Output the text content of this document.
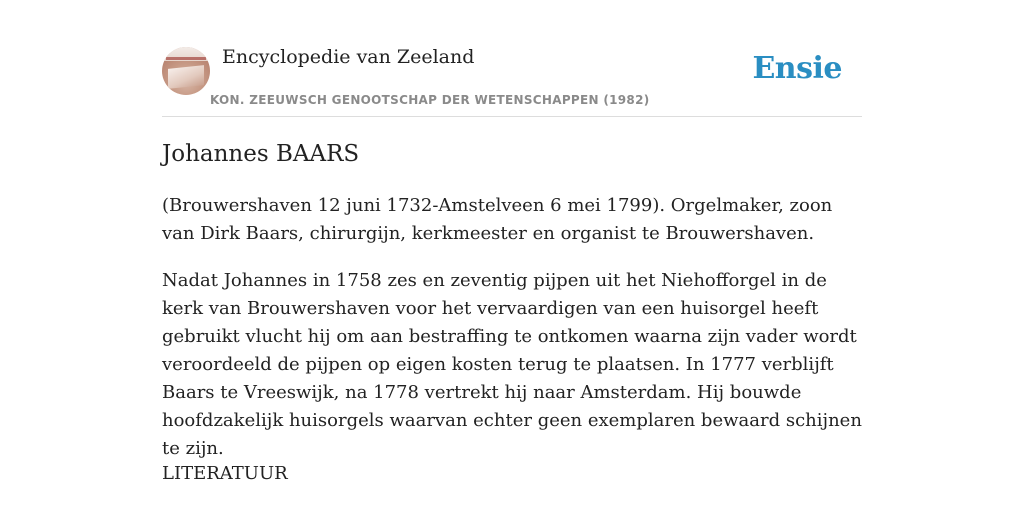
Encyclopedie van Zeeland
KON. ZEEUWSCH GENOOTSCHAP DER WETENSCHAPPEN (1982)
Ensie
Johannes BAARS

(Brouwershaven 12 juni 1732-Amstelveen 6 mei 1799). Orgelmaker, zoon van Dirk Baars, chirurgijn, kerkmeester en organist te Brouwershaven.

Nadat Johannes in 1758 zes en zeventig pijpen uit het Niehofforgel in de kerk van Brouwershaven voor het vervaardigen van een huisorgel heeft gebruikt vlucht hij om aan bestraffing te ontkomen waarna zijn vader wordt veroordeeld de pijpen op eigen kosten terug te plaatsen. In 1777 verblijft Baars te Vreeswijk, na 1778 vertrekt hij naar Amsterdam. Hij bouwde hoofdzakelijk huisorgels waarvan echter geen exemplaren bewaard schijnen te zijn.

LITERATUUR
